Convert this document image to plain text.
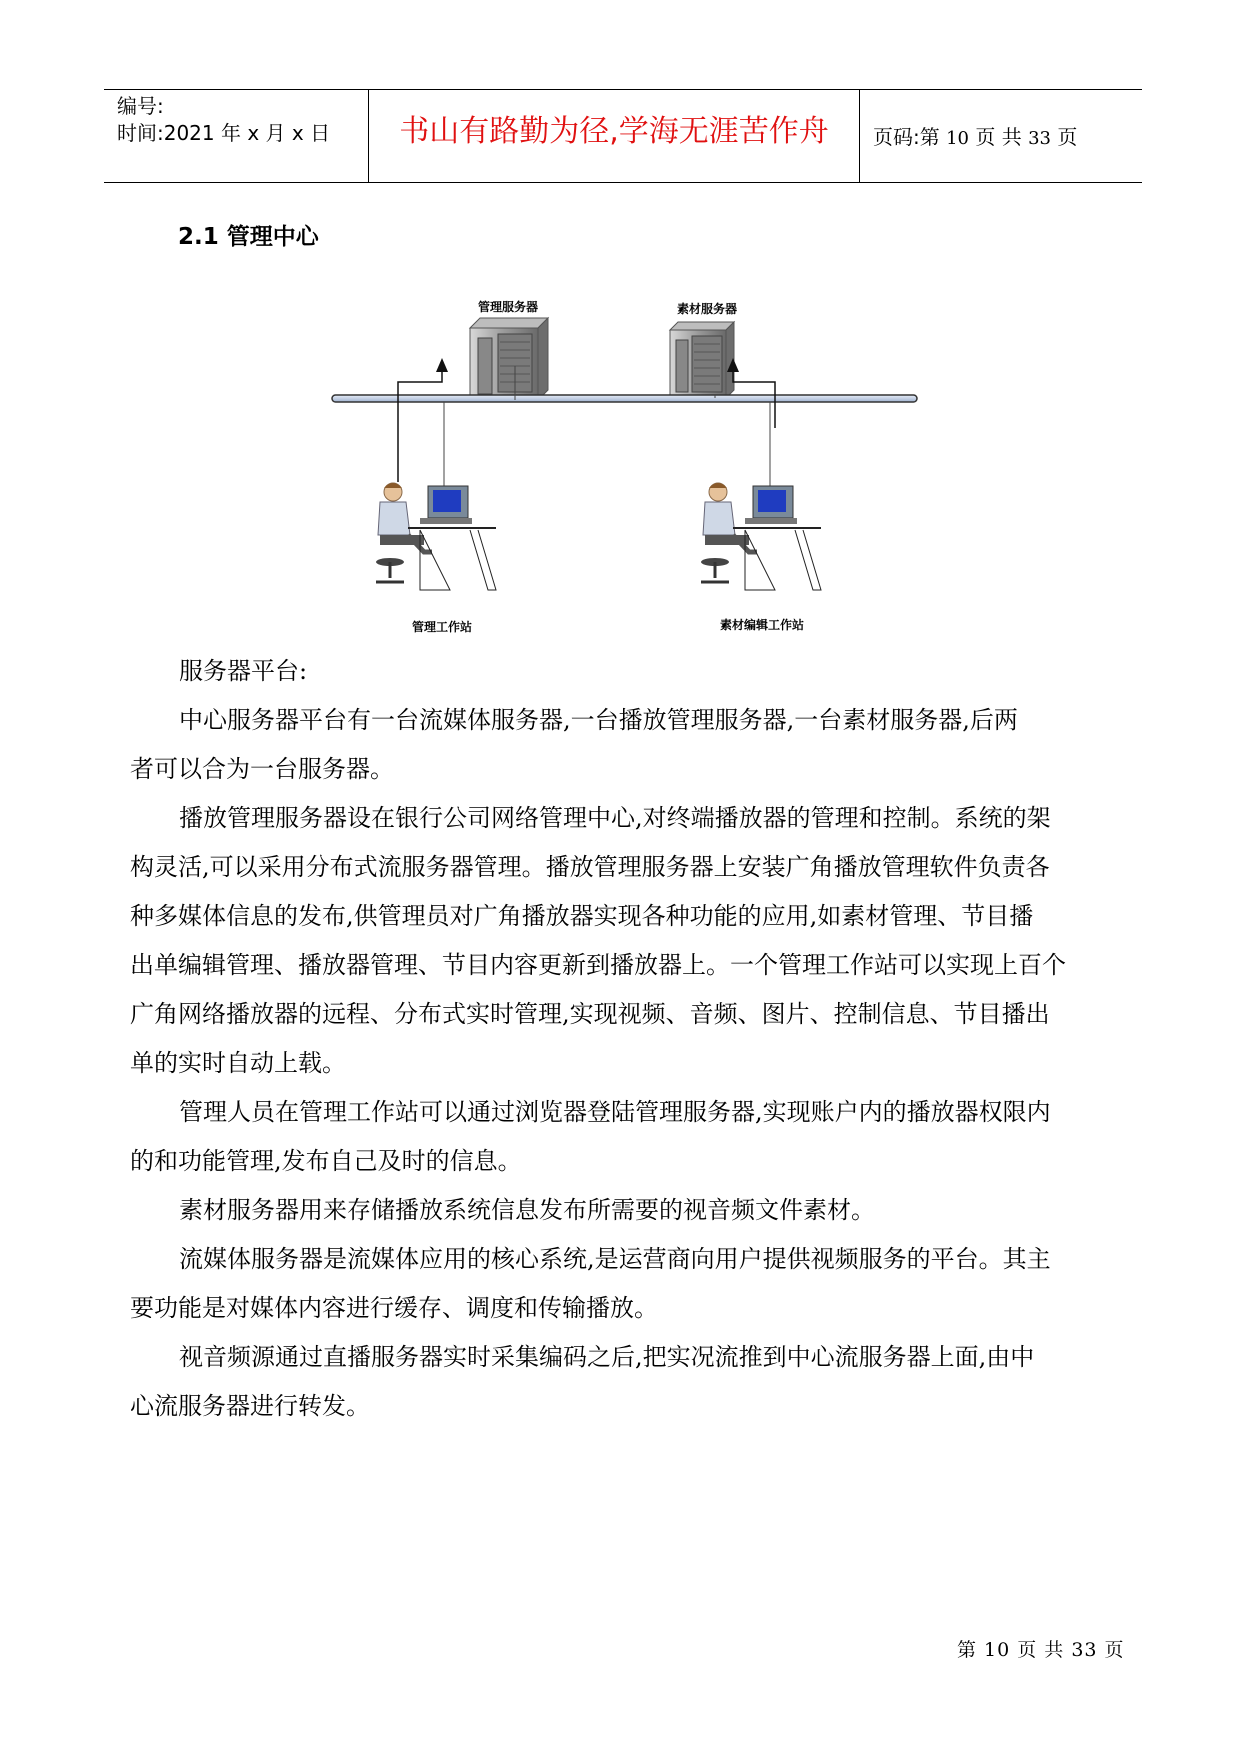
编号:
时间:2021 年 x 月 x 日	书山有路勤为径,学海无涯苦作舟	页码:第 10 页 共 33 页
2.1 管理中心
管理服务器	素材服务器
管理工作站	素材编辑工作站
服务器平台:
中心服务器平台有一台流媒体服务器,一台播放管理服务器,一台素材服务器,后两
者可以合为一台服务器。
播放管理服务器设在银行公司网络管理中心,对终端播放器的管理和控制。系统的架
构灵活,可以采用分布式流服务器管理。播放管理服务器上安装广角播放管理软件负责各
种多媒体信息的发布,供管理员对广角播放器实现各种功能的应用,如素材管理、节目播
出单编辑管理、播放器管理、节目内容更新到播放器上。一个管理工作站可以实现上百个
广角网络播放器的远程、分布式实时管理,实现视频、音频、图片、控制信息、节目播出
单的实时自动上载。
管理人员在管理工作站可以通过浏览器登陆管理服务器,实现账户内的播放器权限内
的和功能管理,发布自己及时的信息。
素材服务器用来存储播放系统信息发布所需要的视音频文件素材。
流媒体服务器是流媒体应用的核心系统,是运营商向用户提供视频服务的平台。其主
要功能是对媒体内容进行缓存、调度和传输播放。
视音频源通过直播服务器实时采集编码之后,把实况流推到中心流服务器上面,由中
心流服务器进行转发。
第 10 页 共 33 页
